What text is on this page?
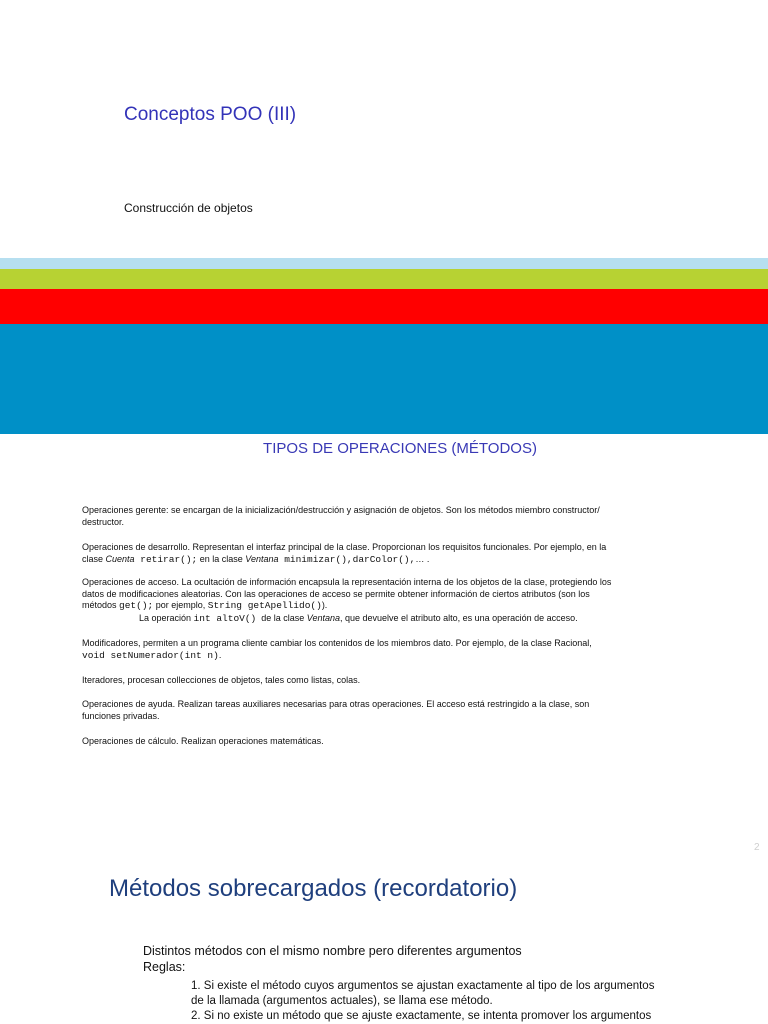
Conceptos POO (III)
Construcción de objetos
TIPOS DE OPERACIONES (MÉTODOS)
Operaciones gerente: se encargan de la inicialización/destrucción y asignación de objetos. Son los métodos miembro constructor/
destructor.
Operaciones de desarrollo. Representan el interfaz principal de la clase. Proporcionan los requisitos funcionales. Por ejemplo, en la
clase Cuenta retirar(); en la clase Ventana minimizar(),darColor(),… .
Operaciones de acceso. La ocultación de información encapsula la representación interna de los objetos de la clase, protegiendo los
datos de modificaciones aleatorias. Con las operaciones de acceso se permite obtener información de ciertos atributos (son los
métodos get(); por ejemplo, String getApellido()).
La operación int altoV()  de la clase Ventana, que devuelve el atributo alto, es una operación de acceso.
Modificadores, permiten a un programa cliente cambiar los contenidos de los miembros dato. Por ejemplo, de la clase Racional,
void setNumerador(int n).
Iteradores, procesan collecciones de objetos, tales como listas, colas.
Operaciones de ayuda. Realizan tareas auxiliares necesarias para otras operaciones. El acceso está restringido a la clase, son
funciones privadas.
Operaciones de cálculo. Realizan operaciones matemáticas.
2
Métodos sobrecargados (recordatorio)
Distintos métodos con el mismo nombre pero diferentes argumentos
Reglas:
1. Si existe el método cuyos argumentos se ajustan exactamente al tipo de los argumentos
de la llamada (argumentos actuales), se llama ese método.
2. Si no existe un método que se ajuste exactamente, se intenta promover los argumentos
